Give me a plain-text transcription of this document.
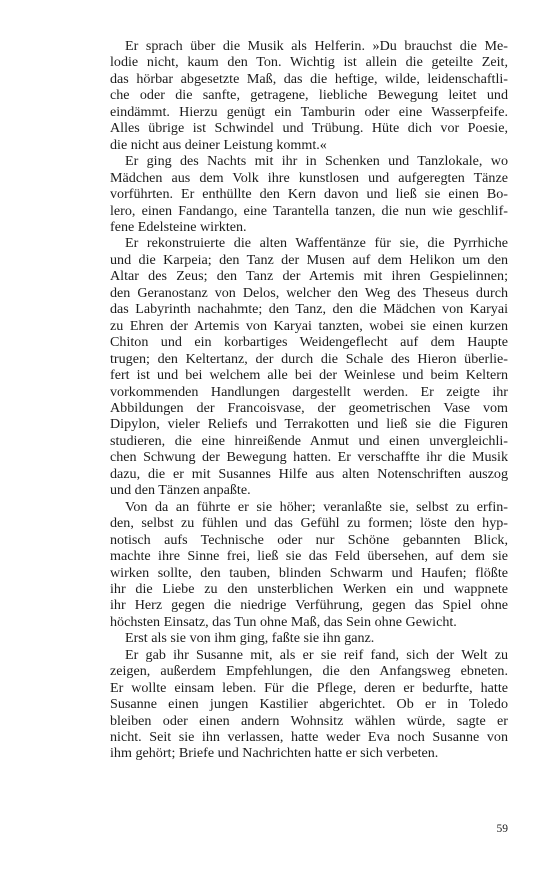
Er sprach über die Musik als Helferin. »Du brauchst die Me-
lodie nicht, kaum den Ton. Wichtig ist allein die geteilte Zeit,
das hörbar abgesetzte Maß, das die heftige, wilde, leidenschaftli-
che oder die sanfte, getragene, liebliche Bewegung leitet und
eindämmt. Hierzu genügt ein Tamburin oder eine Wasserpfeife.
Alles übrige ist Schwindel und Trübung. Hüte dich vor Poesie,
die nicht aus deiner Leistung kommt.«

Er ging des Nachts mit ihr in Schenken und Tanzlokale, wo
Mädchen aus dem Volk ihre kunstlosen und aufgeregten Tänze
vorführten. Er enthüllte den Kern davon und ließ sie einen Bo-
lero, einen Fandango, eine Tarantella tanzen, die nun wie geschlif-
fene Edelsteine wirkten.

Er rekonstruierte die alten Waffentänze für sie, die Pyrrhiche
und die Karpeia; den Tanz der Musen auf dem Helikon um den
Altar des Zeus; den Tanz der Artemis mit ihren Gespielinnen;
den Geranostanz von Delos, welcher den Weg des Theseus durch
das Labyrinth nachahmte; den Tanz, den die Mädchen von Karyai
zu Ehren der Artemis von Karyai tanzten, wobei sie einen kurzen
Chiton und ein korbartiges Weidengeflecht auf dem Haupte
trugen; den Keltertanz, der durch die Schale des Hieron überlie-
fert ist und bei welchem alle bei der Weinlese und beim Keltern
vorkommenden Handlungen dargestellt werden. Er zeigte ihr
Abbildungen der Francoisvase, der geometrischen Vase vom
Dipylon, vieler Reliefs und Terrakotten und ließ sie die Figuren
studieren, die eine hinreißende Anmut und einen unvergleichli-
chen Schwung der Bewegung hatten. Er verschaffte ihr die Musik
dazu, die er mit Susannes Hilfe aus alten Notenschriften auszog
und den Tänzen anpaßte.

Von da an führte er sie höher; veranlaßte sie, selbst zu erfin-
den, selbst zu fühlen und das Gefühl zu formen; löste den hyp-
notisch aufs Technische oder nur Schöne gebannten Blick,
machte ihre Sinne frei, ließ sie das Feld übersehen, auf dem sie
wirken sollte, den tauben, blinden Schwarm und Haufen; flößte
ihr die Liebe zu den unsterblichen Werken ein und wappnete
ihr Herz gegen die niedrige Verführung, gegen das Spiel ohne
höchsten Einsatz, das Tun ohne Maß, das Sein ohne Gewicht.

Erst als sie von ihm ging, faßte sie ihn ganz.

Er gab ihr Susanne mit, als er sie reif fand, sich der Welt zu
zeigen, außerdem Empfehlungen, die den Anfangsweg ebneten.
Er wollte einsam leben. Für die Pflege, deren er bedurfte, hatte
Susanne einen jungen Kastilier abgerichtet. Ob er in Toledo
bleiben oder einen andern Wohnsitz wählen würde, sagte er
nicht. Seit sie ihn verlassen, hatte weder Eva noch Susanne von
ihm gehört; Briefe und Nachrichten hatte er sich verbeten.

59
